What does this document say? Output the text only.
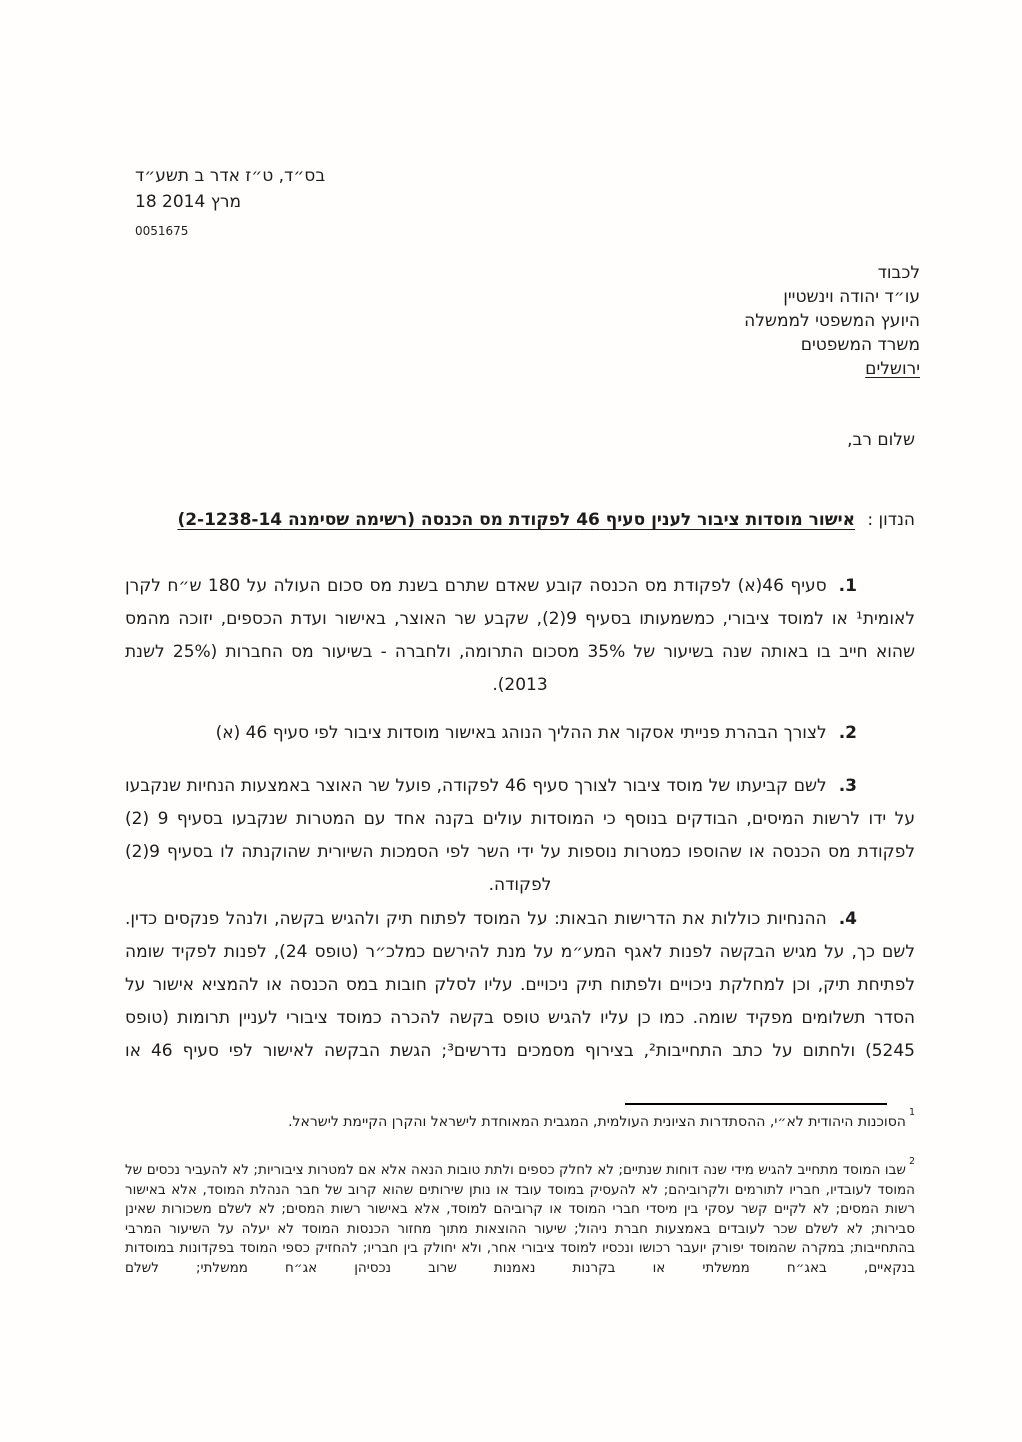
בס״ד, ט״ז אדר ב תשע״ד
18 מרץ 2014
0051675
לכבוד
עו״ד יהודה וינשטיין
היועץ המשפטי לממשלה
משרד המשפטים
ירושלים
שלום רב,
הנדון : אישור מוסדות ציבור לענין סעיף 46 לפקודת מס הכנסה (רשימה שסימנה 2-1238-14)

1.סעיף 46(א) לפקודת מס הכנסה קובע שאדם שתרם בשנת מס סכום העולה על 180 ש״ח לקרן לאומית¹ או למוסד ציבורי, כמשמעותו בסעיף 9(2), שקבע שר האוצר, באישור ועדת הכספים, יזוכה מהמס שהוא חייב בו באותה שנה בשיעור של 35% מסכום התרומה, ולחברה - בשיעור מס החברות (25% לשנת 2013).

2.לצורך הבהרת פנייתי אסקור את ההליך הנוהג באישור מוסדות ציבור לפי סעיף 46 (א)

3.לשם קביעתו של מוסד ציבור לצורך סעיף 46 לפקודה, פועל שר האוצר באמצעות הנחיות שנקבעו על ידו לרשות המיסים, הבודקים בנוסף כי המוסדות עולים בקנה אחד עם המטרות שנקבעו בסעיף 9 (2) לפקודת מס הכנסה או שהוספו כמטרות נוספות על ידי השר לפי הסמכות השיורית שהוקנתה לו בסעיף 9(2) לפקודה.

4.ההנחיות כוללות את הדרישות הבאות: על המוסד לפתוח תיק ולהגיש בקשה, ולנהל פנקסים כדין. לשם כך, על מגיש הבקשה לפנות לאגף המע״מ על מנת להירשם כמלכ״ר (טופס 24), לפנות לפקיד שומה לפתיחת תיק, וכן למחלקת ניכויים ולפתוח תיק ניכויים. עליו לסלק חובות במס הכנסה או להמציא אישור על הסדר תשלומים מפקיד שומה. כמו כן עליו להגיש טופס בקשה להכרה כמוסד ציבורי לעניין תרומות (טופס 5245) ולחתום על כתב התחייבות², בצירוף מסמכים נדרשים³; הגשת הבקשה לאישור לפי סעיף 46 או

$^1$הסוכנות היהודית לא״י, ההסתדרות הציונית העולמית, המגבית המאוחדת לישראל והקרן הקיימת לישראל.
$^2$שבו המוסד מתחייב להגיש מידי שנה דוחות שנתיים; לא לחלק כספים ולתת טובות הנאה אלא אם למטרות ציבוריות; לא להעביר נכסים של המוסד לעובדיו, חבריו לתורמים ולקרוביהם; לא להעסיק במוסד עובד או נותן שירותים שהוא קרוב של חבר הנהלת המוסד, אלא באישור רשות המסים; לא לקיים קשר עסקי בין מיסדי חברי המוסד או קרוביהם למוסד, אלא באישור רשות המסים; לא לשלם משכורות שאינן סבירות; לא לשלם שכר לעובדים באמצעות חברת ניהול; שיעור ההוצאות מתוך מחזור הכנסות המוסד לא יעלה על השיעור המרבי בהתחייבות; במקרה שהמוסד יפורק יועבר רכושו ונכסיו למוסד ציבורי אחר, ולא יחולק בין חבריו; להחזיק כספי המוסד בפקדונות במוסדות בנקאיים, באג״ח ממשלתי או בקרנות נאמנות שרוב נכסיהן אג״ח ממשלתי; לשלם
